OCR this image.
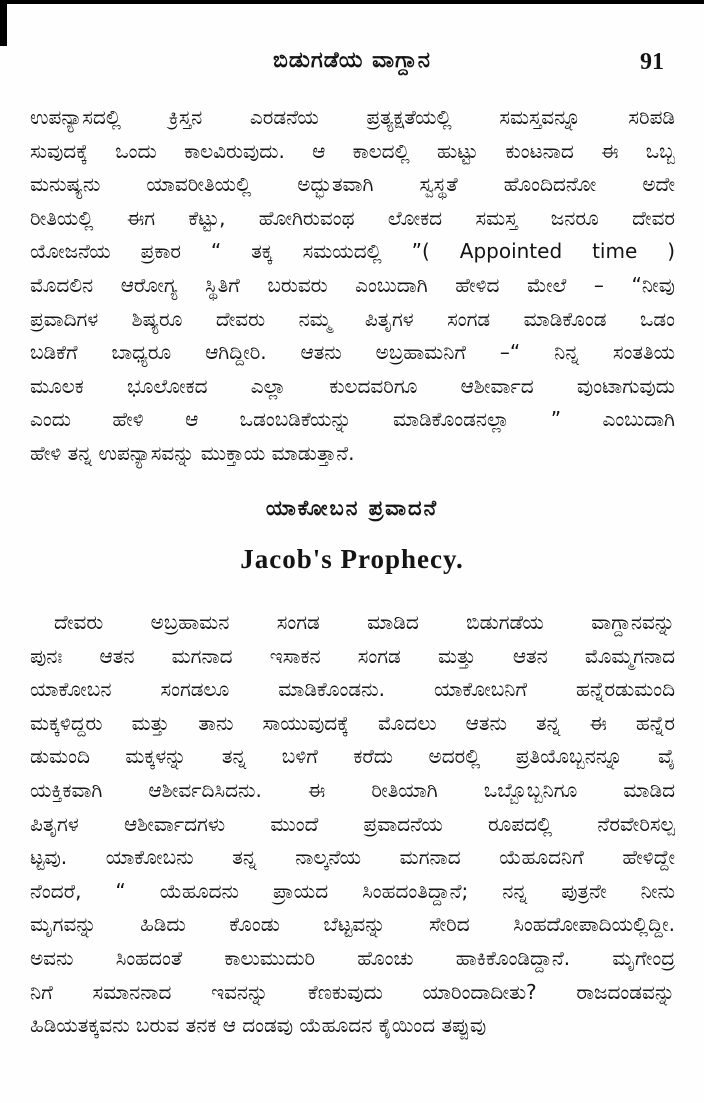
ಬಿಡುಗಡೆಯ ವಾಗ್ದಾನ	91
ಉಪನ್ಯಾಸದಲ್ಲಿ ಕ್ರಿಸ್ತನ ಎರಡನೆಯ ಪ್ರತ್ಯಕ್ಷತೆಯಲ್ಲಿ ಸಮಸ್ತವನ್ನೂ ಸರಿಪಡಿ
ಸುವುದಕ್ಕೆ ಒಂದು ಕಾಲವಿರುವುದು. ಆ ಕಾಲದಲ್ಲಿ ಹುಟ್ಟು ಕುಂಟನಾದ ಈ ಒಬ್ಬ
ಮನುಷ್ಯನು ಯಾವರೀತಿಯಲ್ಲಿ ಅದ್ಭುತವಾಗಿ ಸ್ವಸ್ಥತೆ ಹೊಂದಿದನೋ ಅದೇ
ರೀತಿಯಲ್ಲಿ ಈಗ ಕೆಟ್ಟು, ಹೋಗಿರುವಂಥ ಲೋಕದ ಸಮಸ್ತ ಜನರೂ ದೇವರ
ಯೋಜನೆಯ ಪ್ರಕಾರ “ ತಕ್ಕ ಸಮಯದಲ್ಲಿ ”( Appointed time )
ಮೊದಲಿನ ಆರೋಗ್ಯ ಸ್ಥಿತಿಗೆ ಬರುವರು ಎಂಬುದಾಗಿ ಹೇಳಿದ ಮೇಲೆ – “ನೀವು
ಪ್ರವಾದಿಗಳ ಶಿಷ್ಯರೂ ದೇವರು ನಮ್ಮ ಪಿತೃಗಳ ಸಂಗಡ ಮಾಡಿಕೊಂಡ ಒಡಂ
ಬಡಿಕೆಗೆ ಬಾಧ್ಯರೂ ಆಗಿದ್ದೀರಿ. ಆತನು ಅಬ್ರಹಾಮನಿಗೆ –“ ನಿನ್ನ ಸಂತತಿಯ
ಮೂಲಕ ಭೂಲೋಕದ ಎಲ್ಲಾ ಕುಲದವರಿಗೂ ಆಶೀರ್ವಾದ ವುಂಟಾಗುವುದು
ಎಂದು ಹೇಳಿ ಆ ಒಡಂಬಡಿಕೆಯನ್ನು ಮಾಡಿಕೊಂಡನಲ್ಲಾ ” ಎಂಬುದಾಗಿ
ಹೇಳಿ ತನ್ನ ಉಪನ್ಯಾಸವನ್ನು ಮುಕ್ತಾಯ ಮಾಡುತ್ತಾನೆ.
ಯಾಕೋಬನ ಪ್ರವಾದನೆ
Jacob's Prophecy.
ದೇವರು ಅಬ್ರಹಾಮನ ಸಂಗಡ ಮಾಡಿದ ಬಿಡುಗಡೆಯ ವಾಗ್ದಾನವನ್ನು
ಪುನಃ ಆತನ ಮಗನಾದ ಇಸಾಕನ ಸಂಗಡ ಮತ್ತು ಆತನ ಮೊಮ್ಮಗನಾದ
ಯಾಕೋಬನ ಸಂಗಡಲೂ ಮಾಡಿಕೊಂಡನು. ಯಾಕೋಬನಿಗೆ ಹನ್ನೆರಡುಮಂದಿ
ಮಕ್ಕಳಿದ್ದರು ಮತ್ತು ತಾನು ಸಾಯುವುದಕ್ಕೆ ಮೊದಲು ಆತನು ತನ್ನ ಈ ಹನ್ನೆರ
ಡುಮಂದಿ ಮಕ್ಕಳನ್ನು ತನ್ನ ಬಳಿಗೆ ಕರೆದು ಅದರಲ್ಲಿ ಪ್ರತಿಯೊಬ್ಬನನ್ನೂ ವೈ
ಯಕ್ತಿಕವಾಗಿ ಆಶೀರ್ವದಿಸಿದನು. ಈ ರೀತಿಯಾಗಿ ಒಬ್ಬೊಬ್ಬನಿಗೂ ಮಾಡಿದ
ಪಿತೃಗಳ ಆಶೀರ್ವಾದಗಳು ಮುಂದೆ ಪ್ರವಾದನೆಯ ರೂಪದಲ್ಲಿ ನೆರವೇರಿಸಲ್ಪ
ಟ್ಟವು. ಯಾಕೋಬನು ತನ್ನ ನಾಲ್ಕನೆಯ ಮಗನಾದ ಯೆಹೂದನಿಗೆ ಹೇಳಿದ್ದೇ
ನೆಂದರೆ, “ ಯೆಹೂದನು ಪ್ರಾಯದ ಸಿಂಹದಂತಿದ್ದಾನೆ; ನನ್ನ ಪುತ್ರನೇ ನೀನು
ಮೃಗವನ್ನು ಹಿಡಿದು ಕೊಂಡು ಬೆಟ್ಟವನ್ನು ಸೇರಿದ ಸಿಂಹದೋಪಾದಿಯಲ್ಲಿದ್ದೀ.
ಅವನು ಸಿಂಹದಂತೆ ಕಾಲುಮುದುರಿ ಹೊಂಚು ಹಾಕಿಕೊಂಡಿದ್ದಾನೆ. ಮೃಗೇಂದ್ರ
ನಿಗೆ ಸಮಾನನಾದ ಇವನನ್ನು ಕೆಣಕುವುದು ಯಾರಿಂದಾದೀತು? ರಾಜದಂಡವನ್ನು
ಹಿಡಿಯತಕ್ಕವನು ಬರುವ ತನಕ ಆ ದಂಡವು ಯೆಹೂದನ ಕೈಯಿಂದ ತಪ್ಪುವು
